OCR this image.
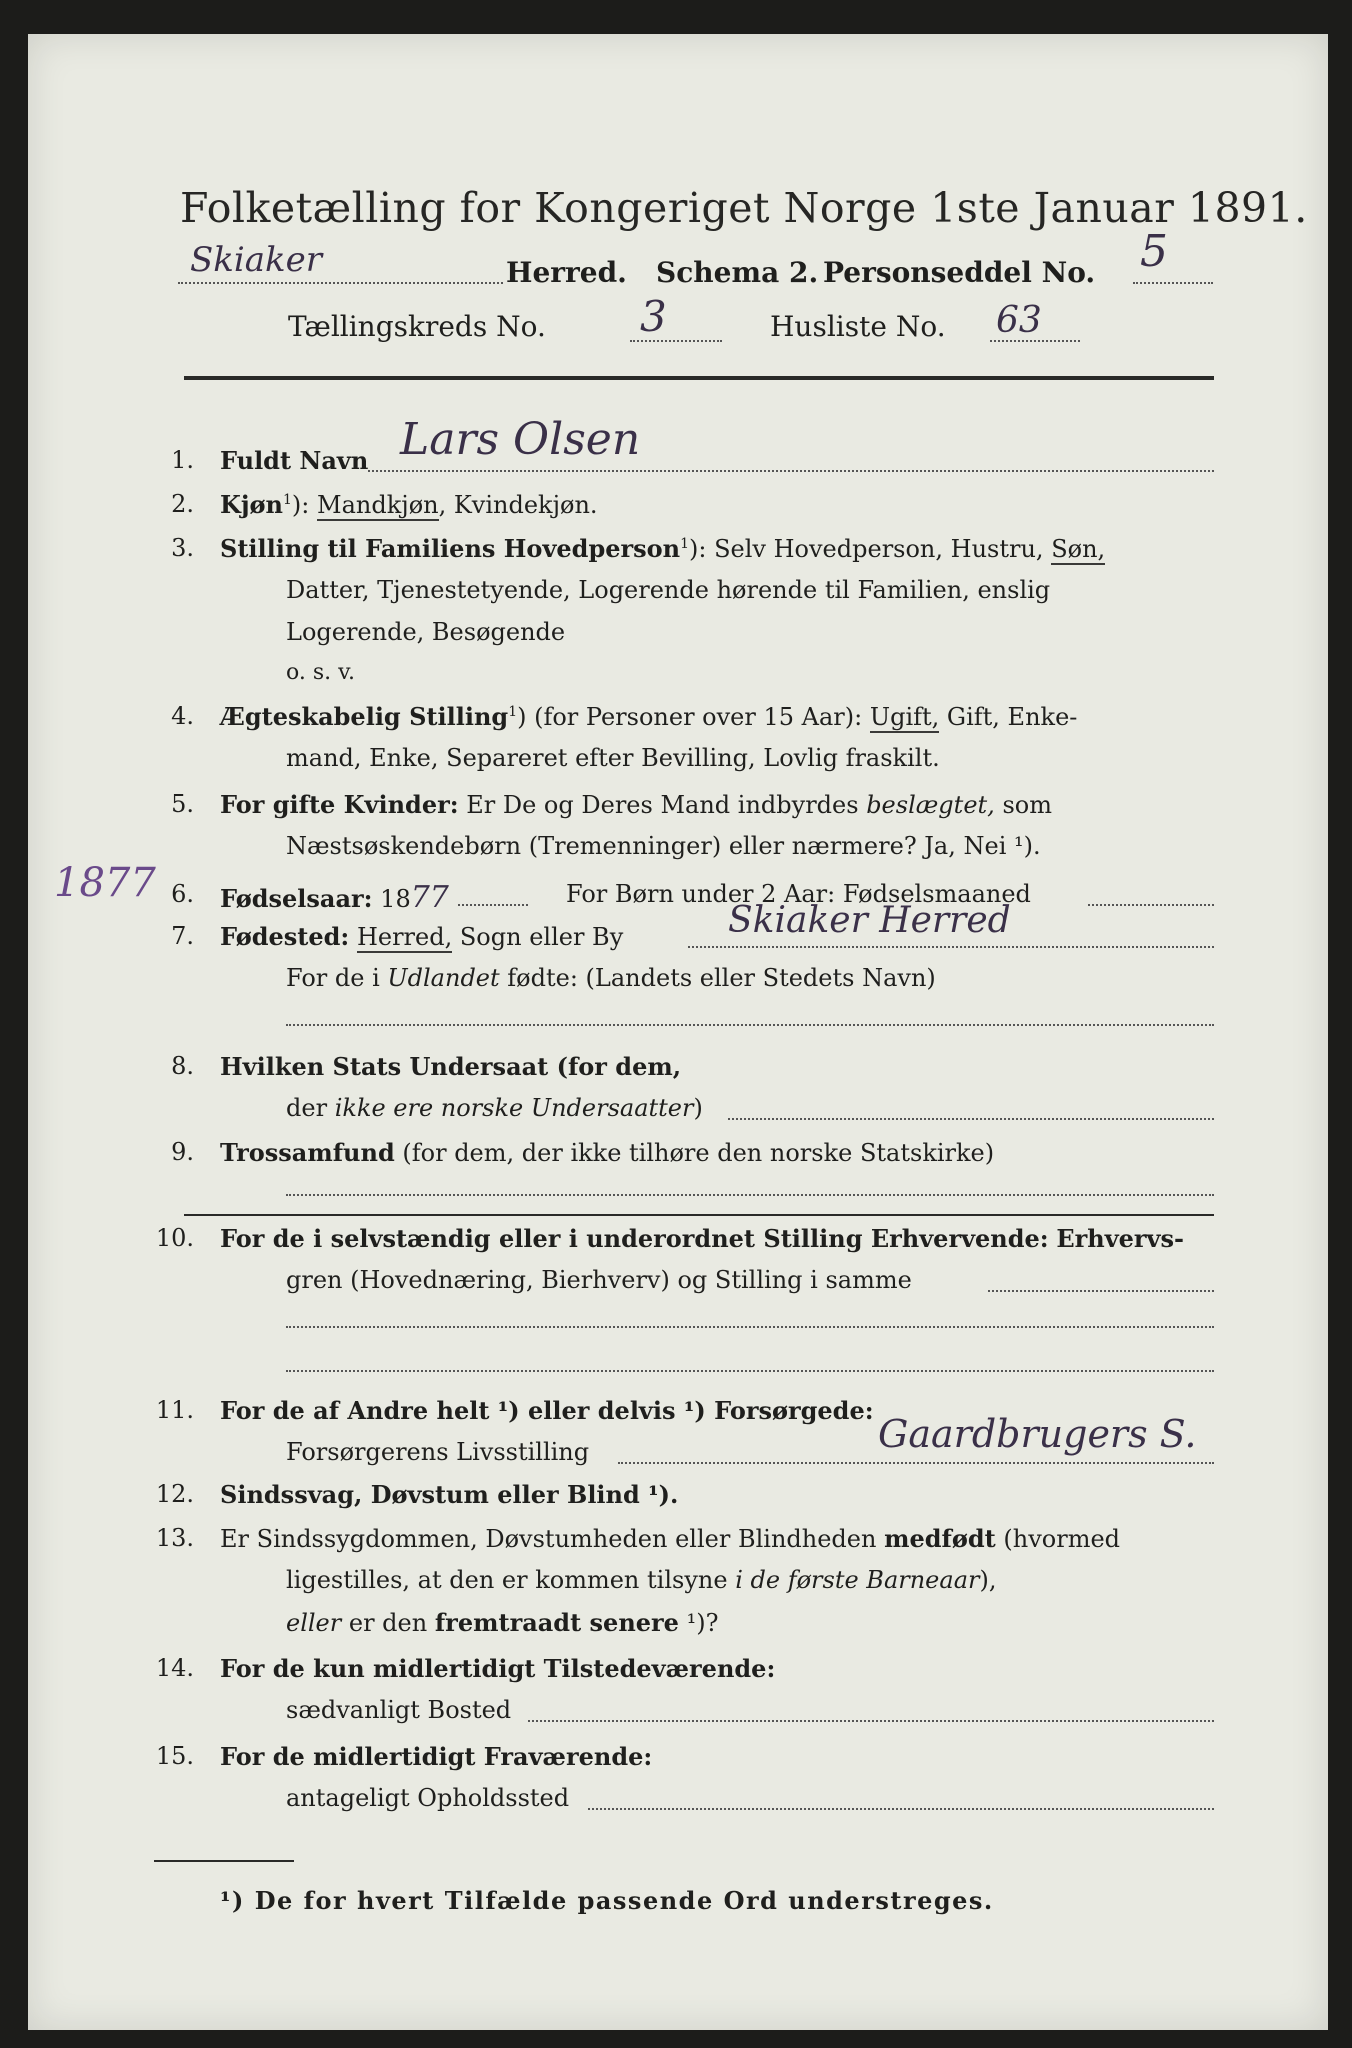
Folketælling for Kongeriget Norge 1ste Januar 1891.
Skiaker	Herred. Schema 2. Personseddel No. 5
Tællingskreds No. 3	Husliste No. 63
1. Fuldt Navn Lars Olsen
2. Kjøn$^1$): Mandkjøn, Kvindekjøn.
3. Stilling til Familiens Hovedperson$^1$): Selv Hovedperson, Hustru, Søn,
Datter, Tjenestetyende, Logerende hørende til Familien, enslig
Logerende, Besøgende
o. s. v.
4. Ægteskabelig Stilling$^1$) (for Personer over 15 Aar): Ugift, Gift, Enke-
mand, Enke, Separeret efter Bevilling, Lovlig fraskilt.
5. For gifte Kvinder: Er De og Deres Mand indbyrdes beslægtet, som
Næstsøskendebørn (Tremenninger) eller nærmere? Ja, Nei ¹).
1877 6. Fødselsaar: 1877	For Børn under 2 Aar: Fødselsmaaned
7. Fødested: Herred, Sogn eller By	Skiaker Herred
For de i Udlandet fødte: (Landets eller Stedets Navn)
8. Hvilken Stats Undersaat (for dem,
der ikke ere norske Undersaatter)
9. Trossamfund (for dem, der ikke tilhøre den norske Statskirke)
10. For de i selvstændig eller i underordnet Stilling Erhvervende: Erhvervs-
gren (Hovednæring, Bierhverv) og Stilling i samme
11. For de af Andre helt ¹) eller delvis ¹) Forsørgede:
Forsørgerens Livsstilling	Gaardbrugers S.
12. Sindssvag, Døvstum eller Blind ¹).
13. Er Sindssygdommen, Døvstumheden eller Blindheden medfødt (hvormed
ligestilles, at den er kommen tilsyne i de første Barneaar),
eller er den fremtraadt senere ¹)?
14. For de kun midlertidigt Tilstedeværende:
sædvanligt Bosted
15. For de midlertidigt Fraværende:
antageligt Opholdssted
¹) De for hvert Tilfælde passende Ord understreges.
